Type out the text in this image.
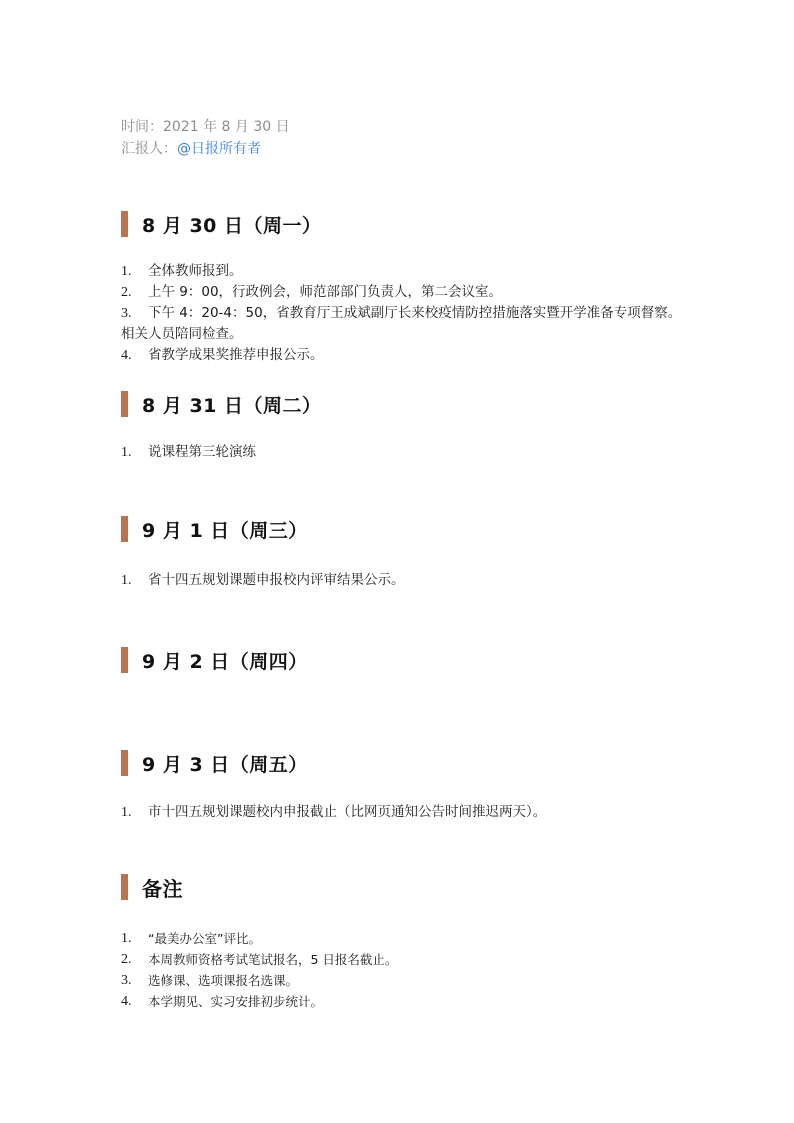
时间：2021 年 8 月 30 日
汇报人：@日报所有者
8 月 30 日（周一）
1. 全体教师报到。
2. 上午 9：00，行政例会，师范部部门负责人，第二会议室。
3. 下午 4：20-4：50，省教育厅王成斌副厅长来校疫情防控措施落实暨开学准备专项督察。相关人员陪同检查。
4. 省教学成果奖推荐申报公示。
8 月 31 日（周二）
1. 说课程第三轮演练
9 月 1 日（周三）
1. 省十四五规划课题申报校内评审结果公示。
9 月 2 日（周四）
9 月 3 日（周五）
1. 市十四五规划课题校内申报截止（比网页通知公告时间推迟两天）。
备注
1. “最美办公室”评比。
2. 本周教师资格考试笔试报名，5 日报名截止。
3. 选修课、选项课报名选课。
4. 本学期见、实习安排初步统计。
